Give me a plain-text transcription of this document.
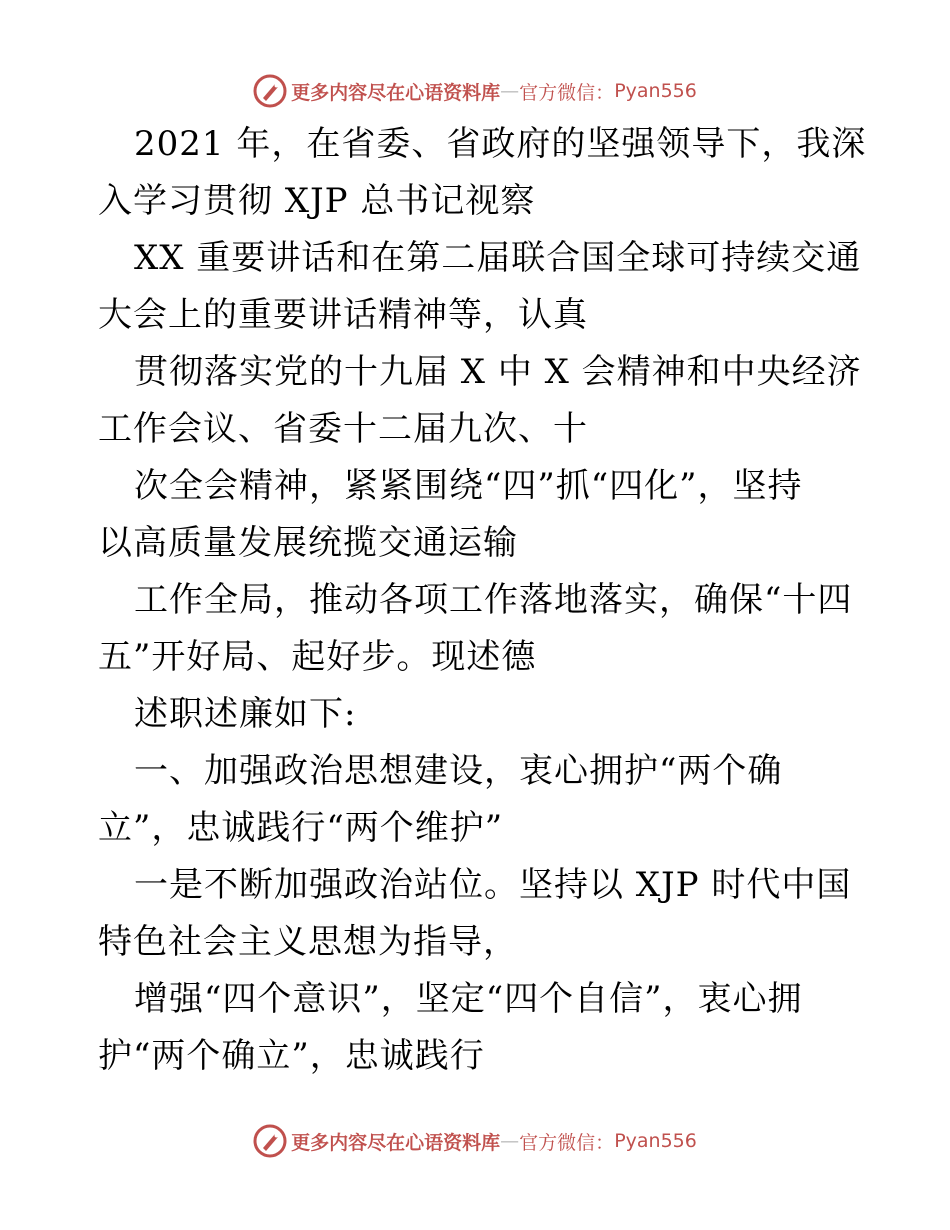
更多内容尽在心语资料库 — 官方微信： Pyan556
2021 年，在省委、省政府的坚强领导下，我深
入学习贯彻 XJP 总书记视察
XX 重要讲话和在第二届联合国全球可持续交通
大会上的重要讲话精神等，认真
贯彻落实党的十九届 X 中 X 会精神和中央经济
工作会议、省委十二届九次、十
次全会精神，紧紧围绕“四”抓“四化”，坚持
以高质量发展统揽交通运输
工作全局，推动各项工作落地落实，确保“十四
五”开好局、起好步。现述德
述职述廉如下:
一、加强政治思想建设，衷心拥护“两个确
立”，忠诚践行“两个维护”
一是不断加强政治站位。坚持以 XJP 时代中国
特色社会主义思想为指导，
增强“四个意识”，坚定“四个自信”，衷心拥
护“两个确立”，忠诚践行
更多内容尽在心语资料库 — 官方微信： Pyan556
